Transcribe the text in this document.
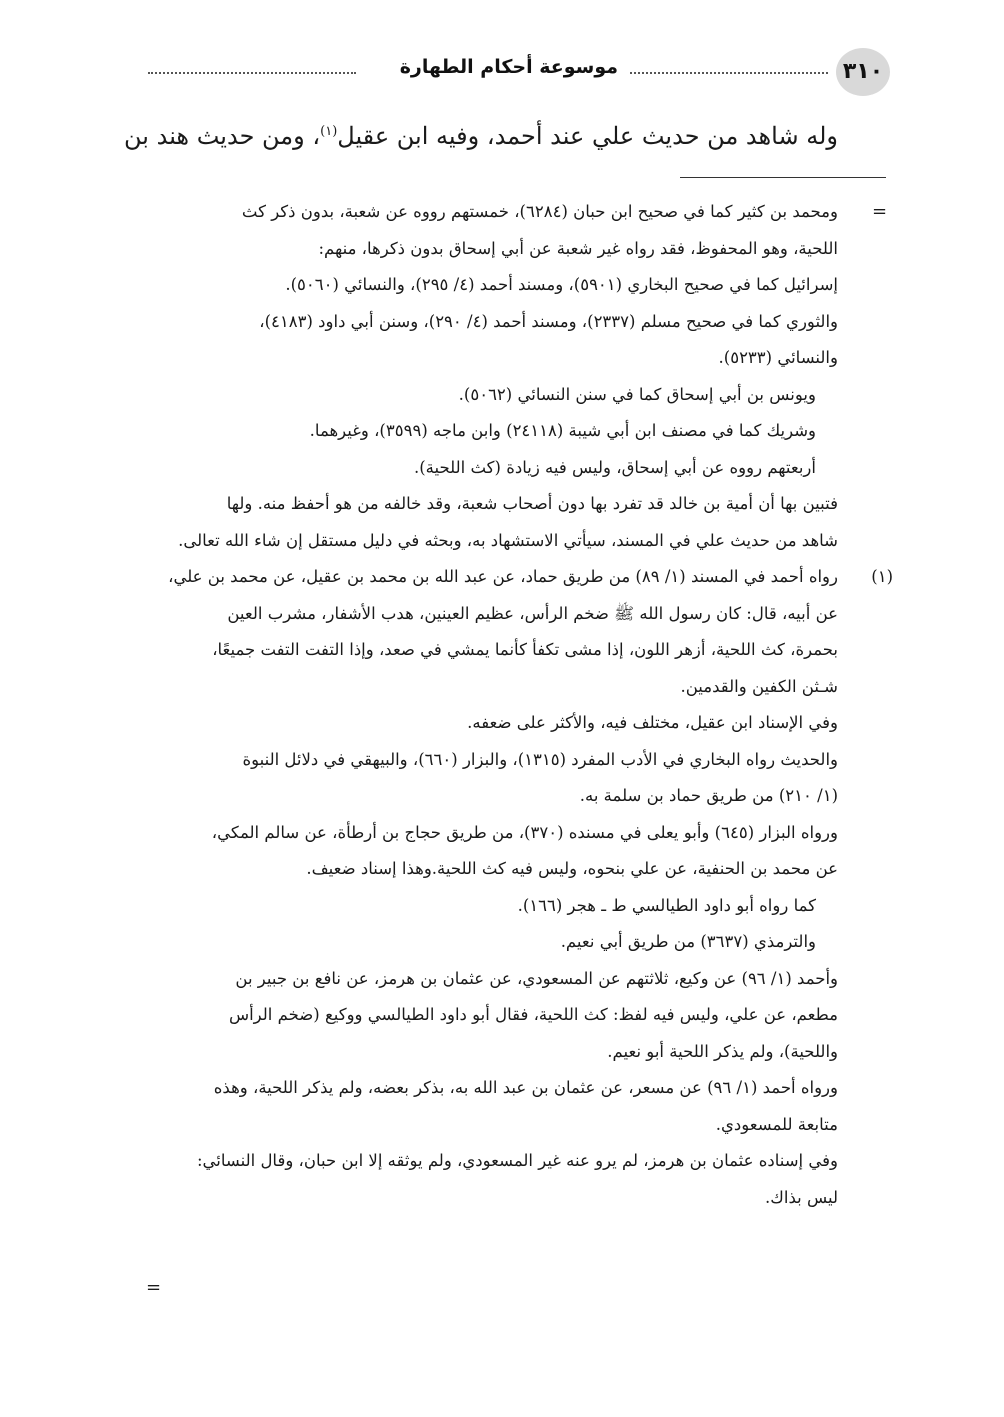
٣١٠
موسوعة أحكام الطهارة
وله شاهد من حديث علي عند أحمد، وفيه ابن عقيل$^{(١)}$، ومن حديث هند بن
=
ومحمد بن كثير كما في صحيح ابن حبان (٦٢٨٤)، خمستهم رووه عن شعبة، بدون ذكر كث
اللحية، وهو المحفوظ، فقد رواه غير شعبة عن أبي إسحاق بدون ذكرها، منهم:
إسرائيل كما في صحيح البخاري (٥٩٠١)، ومسند أحمد (٤/ ٢٩٥)، والنسائي (٥٠٦٠).
والثوري كما في صحيح مسلم (٢٣٣٧)، ومسند أحمد (٤/ ٢٩٠)، وسنن أبي داود (٤١٨٣)،
والنسائي (٥٢٣٣).
ويونس بن أبي إسحاق كما في سنن النسائي (٥٠٦٢).
وشريك كما في مصنف ابن أبي شيبة (٢٤١١٨) وابن ماجه (٣٥٩٩)، وغيرهما.
أربعتهم رووه عن أبي إسحاق، وليس فيه زيادة (كث اللحية).
فتبين بها أن أمية بن خالد قد تفرد بها دون أصحاب شعبة، وقد خالفه من هو أحفظ منه. ولها
شاهد من حديث علي في المسند، سيأتي الاستشهاد به، وبحثه في دليل مستقل إن شاء الله تعالى.
(١)
رواه أحمد في المسند (١/ ٨٩) من طريق حماد، عن عبد الله بن محمد بن عقيل، عن محمد بن علي،
عن أبيه، قال: كان رسول الله ﷺ ضخم الرأس، عظيم العينين، هدب الأشفار، مشرب العين
بحمرة، كث اللحية، أزهر اللون، إذا مشى تكفأ كأنما يمشي في صعد، وإذا التفت التفت جميعًا،
شـثن الكفين والقدمين.
وفي الإسناد ابن عقيل، مختلف فيه، والأكثر على ضعفه.
والحديث رواه البخاري في الأدب المفرد (١٣١٥)، والبزار (٦٦٠)، والبيهقي في دلائل النبوة
(١/ ٢١٠) من طريق حماد بن سلمة به.
ورواه البزار (٦٤٥) وأبو يعلى في مسنده (٣٧٠)، من طريق حجاج بن أرطأة، عن سالم المكي،
عن محمد بن الحنفية، عن علي بنحوه، وليس فيه كث اللحية.وهذا إسناد ضعيف.
كما رواه أبو داود الطيالسي ط ـ هجر (١٦٦).
والترمذي (٣٦٣٧) من طريق أبي نعيم.
وأحمد (١/ ٩٦) عن وكيع، ثلاثتهم عن المسعودي، عن عثمان بن هرمز، عن نافع بن جبير بن
مطعم، عن علي، وليس فيه لفظ: كث اللحية، فقال أبو داود الطيالسي ووكيع (ضخم الرأس
واللحية)، ولم يذكر اللحية أبو نعيم.
ورواه أحمد (١/ ٩٦) عن مسعر، عن عثمان بن عبد الله به، بذكر بعضه، ولم يذكر اللحية، وهذه
متابعة للمسعودي.
وفي إسناده عثمان بن هرمز، لم يرو عنه غير المسعودي، ولم يوثقه إلا ابن حبان، وقال النسائي:
ليس بذاك.
=
